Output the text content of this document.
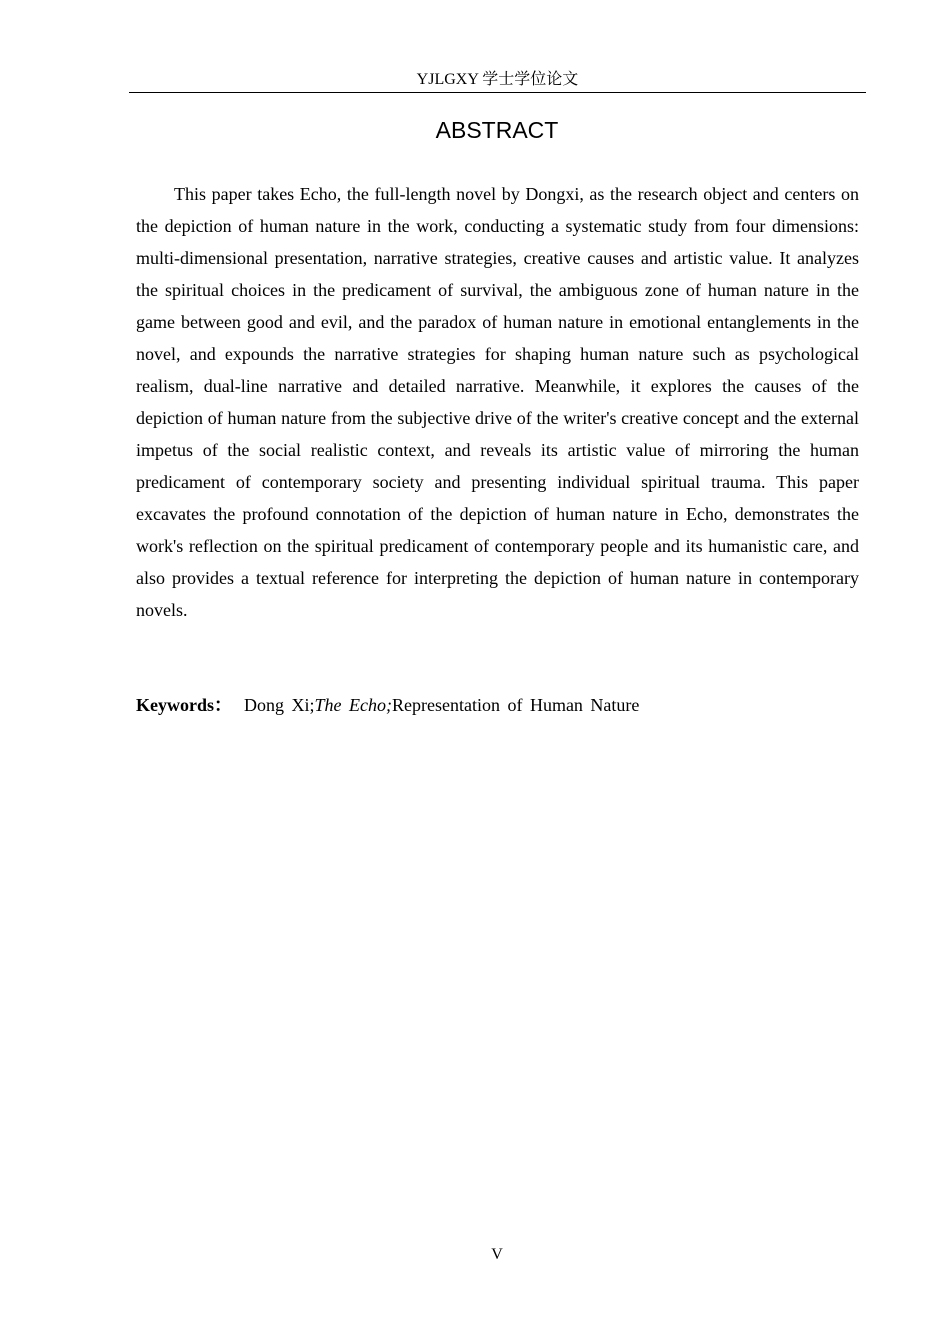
YJLGXY 学士学位论文
ABSTRACT

This paper takes Echo, the full-length novel by Dongxi, as the research object and centers on the depiction of human nature in the work, conducting a systematic study from four dimensions: multi-dimensional presentation, narrative strategies, creative causes and artistic value. It analyzes the spiritual choices in the predicament of survival, the ambiguous zone of human nature in the game between good and evil, and the paradox of human nature in emotional entanglements in the novel, and expounds the narrative strategies for shaping human nature such as psychological realism, dual-line narrative and detailed narrative. Meanwhile, it explores the causes of the depiction of human nature from the subjective drive of the writer's creative concept and the external impetus of the social realistic context, and reveals its artistic value of mirroring the human predicament of contemporary society and presenting individual spiritual trauma. This paper excavates the profound connotation of the depiction of human nature in Echo, demonstrates the work's reflection on the spiritual predicament of contemporary people and its humanistic care, and also provides a textual reference for interpreting the depiction of human nature in contemporary novels.

Keywords： Dong Xi;The Echo;Representation of Human Nature
V
